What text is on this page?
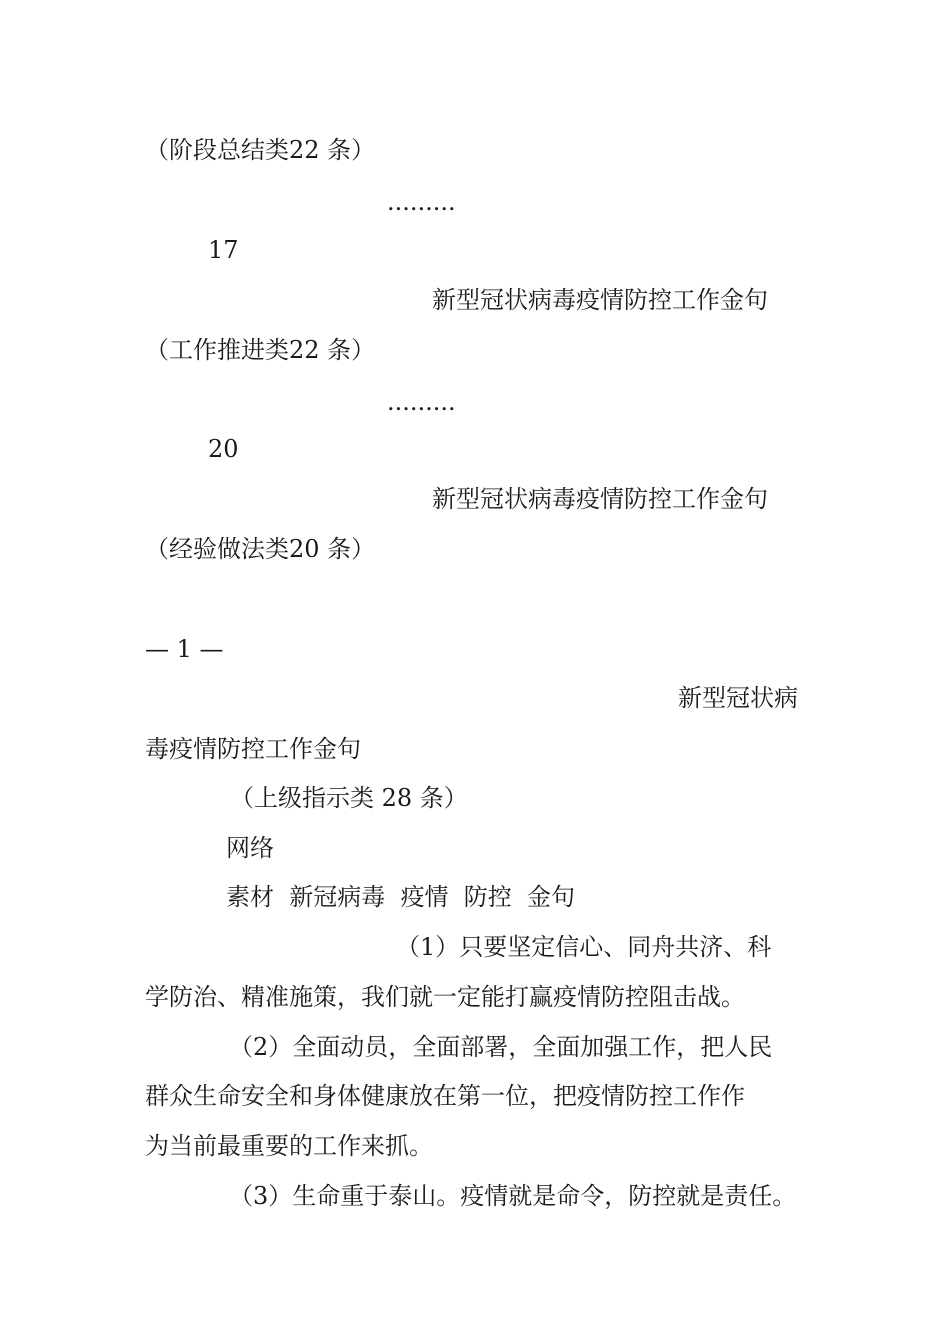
（阶段总结类22 条）
.........
17
新型冠状病毒疫情防控工作金句
（工作推进类22 条）
.........
20
新型冠状病毒疫情防控工作金句
（经验做法类20 条）
— 1 —
新型冠状病
毒疫情防控工作金句
（上级指示类 28 条）
网络
素材  新冠病毒  疫情  防控  金句
（1）只要坚定信心、同舟共济、科
学防治、精准施策，我们就一定能打赢疫情防控阻击战。
（2）全面动员，全面部署，全面加强工作，把人民
群众生命安全和身体健康放在第一位，把疫情防控工作作
为当前最重要的工作来抓。
（3）生命重于泰山。疫情就是命令，防控就是责任。
